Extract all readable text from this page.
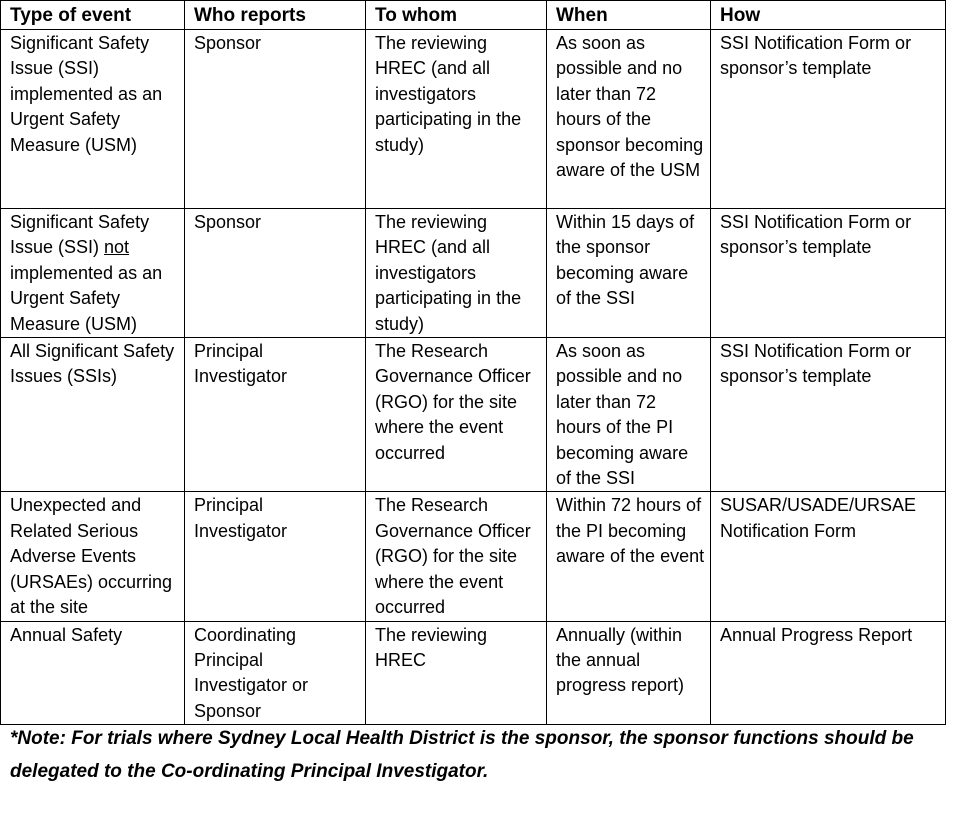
Type of event	Who reports	To whom	When	How
Significant Safety Issue (SSI) implemented as an Urgent Safety Measure (USM)	Sponsor	The reviewing HREC (and all investigators participating in the study)	As soon as possible and no later than 72 hours of the sponsor becoming aware of the USM	SSI Notification Form or sponsor’s template
Significant Safety Issue (SSI) not implemented as an Urgent Safety Measure (USM)	Sponsor	The reviewing HREC (and all investigators participating in the study)	Within 15 days of the sponsor becoming aware of the SSI	SSI Notification Form or sponsor’s template
All Significant Safety Issues (SSIs)	Principal Investigator	The Research Governance Officer (RGO) for the site where the event occurred	As soon as possible and no later than 72 hours of the PI becoming aware of the SSI	SSI Notification Form or sponsor’s template
Unexpected and Related Serious Adverse Events (URSAEs) occurring at the site	Principal Investigator	The Research Governance Officer (RGO) for the site where the event occurred	Within 72 hours of the PI becoming aware of the event	SUSAR/USADE/URSAE Notification Form
Annual Safety	Coordinating Principal Investigator or Sponsor	The reviewing HREC	Annually (within the annual progress report)	Annual Progress Report
*Note: For trials where Sydney Local Health District is the sponsor, the sponsor functions should be delegated to the Co-ordinating Principal Investigator.
